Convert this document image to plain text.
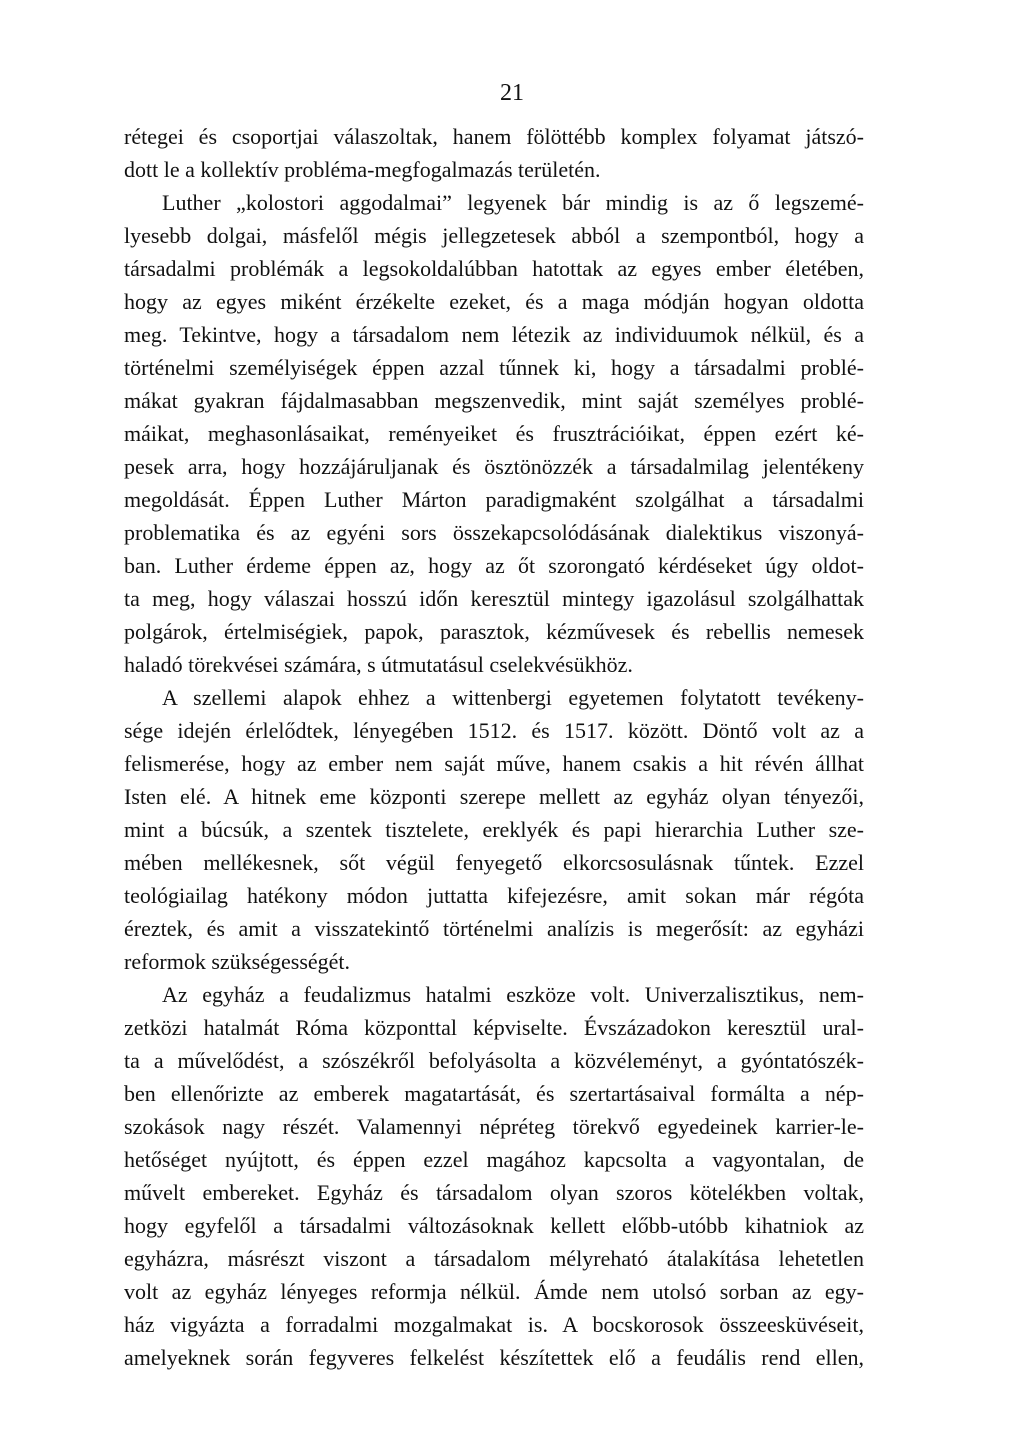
21
rétegei és csoportjai válaszoltak, hanem fölöttébb komplex folyamat játszó-
dott le a kollektív probléma-megfogalmazás területén.
Luther „kolostori aggodalmai” legyenek bár mindig is az ő legszemé-
lyesebb dolgai, másfelől mégis jellegzetesek abból a szempontból, hogy a
társadalmi problémák a legsokoldalúbban hatottak az egyes ember életében,
hogy az egyes miként érzékelte ezeket, és a maga módján hogyan oldotta
meg. Tekintve, hogy a társadalom nem létezik az individuumok nélkül, és a
történelmi személyiségek éppen azzal tűnnek ki, hogy a társadalmi problé-
mákat gyakran fájdalmasabban megszenvedik, mint saját személyes problé-
máikat, meghasonlásaikat, reményeiket és frusztrációikat, éppen ezért ké-
pesek arra, hogy hozzájáruljanak és ösztönözzék a társadalmilag jelentékeny
megoldását. Éppen Luther Márton paradigmaként szolgálhat a társadalmi
problematika és az egyéni sors összekapcsolódásának dialektikus viszonyá-
ban. Luther érdeme éppen az, hogy az őt szorongató kérdéseket úgy oldot-
ta meg, hogy válaszai hosszú időn keresztül mintegy igazolásul szolgálhattak
polgárok, értelmiségiek, papok, parasztok, kézművesek és rebellis nemesek
haladó törekvései számára, s útmutatásul cselekvésükhöz.
A szellemi alapok ehhez a wittenbergi egyetemen folytatott tevékeny-
sége idején érlelődtek, lényegében 1512. és 1517. között. Döntő volt az a
felismerése, hogy az ember nem saját műve, hanem csakis a hit révén állhat
Isten elé. A hitnek eme központi szerepe mellett az egyház olyan tényezői,
mint a búcsúk, a szentek tisztelete, ereklyék és papi hierarchia Luther sze-
mében mellékesnek, sőt végül fenyegető elkorcsosulásnak tűntek. Ezzel
teológiailag hatékony módon juttatta kifejezésre, amit sokan már régóta
éreztek, és amit a visszatekintő történelmi analízis is megerősít: az egyházi
reformok szükségességét.
Az egyház a feudalizmus hatalmi eszköze volt. Univerzalisztikus, nem-
zetközi hatalmát Róma központtal képviselte. Évszázadokon keresztül ural-
ta a művelődést, a szószékről befolyásolta a közvéleményt, a gyóntatószék-
ben ellenőrizte az emberek magatartását, és szertartásaival formálta a nép-
szokások nagy részét. Valamennyi népréteg törekvő egyedeinek karrier-le-
hetőséget nyújtott, és éppen ezzel magához kapcsolta a vagyontalan, de
művelt embereket. Egyház és társadalom olyan szoros kötelékben voltak,
hogy egyfelől a társadalmi változásoknak kellett előbb-utóbb kihatniok az
egyházra, másrészt viszont a társadalom mélyreható átalakítása lehetetlen
volt az egyház lényeges reformja nélkül. Ámde nem utolsó sorban az egy-
ház vigyázta a forradalmi mozgalmakat is. A bocskorosok összeesküvéseit,
amelyeknek során fegyveres felkelést készítettek elő a feudális rend ellen,
